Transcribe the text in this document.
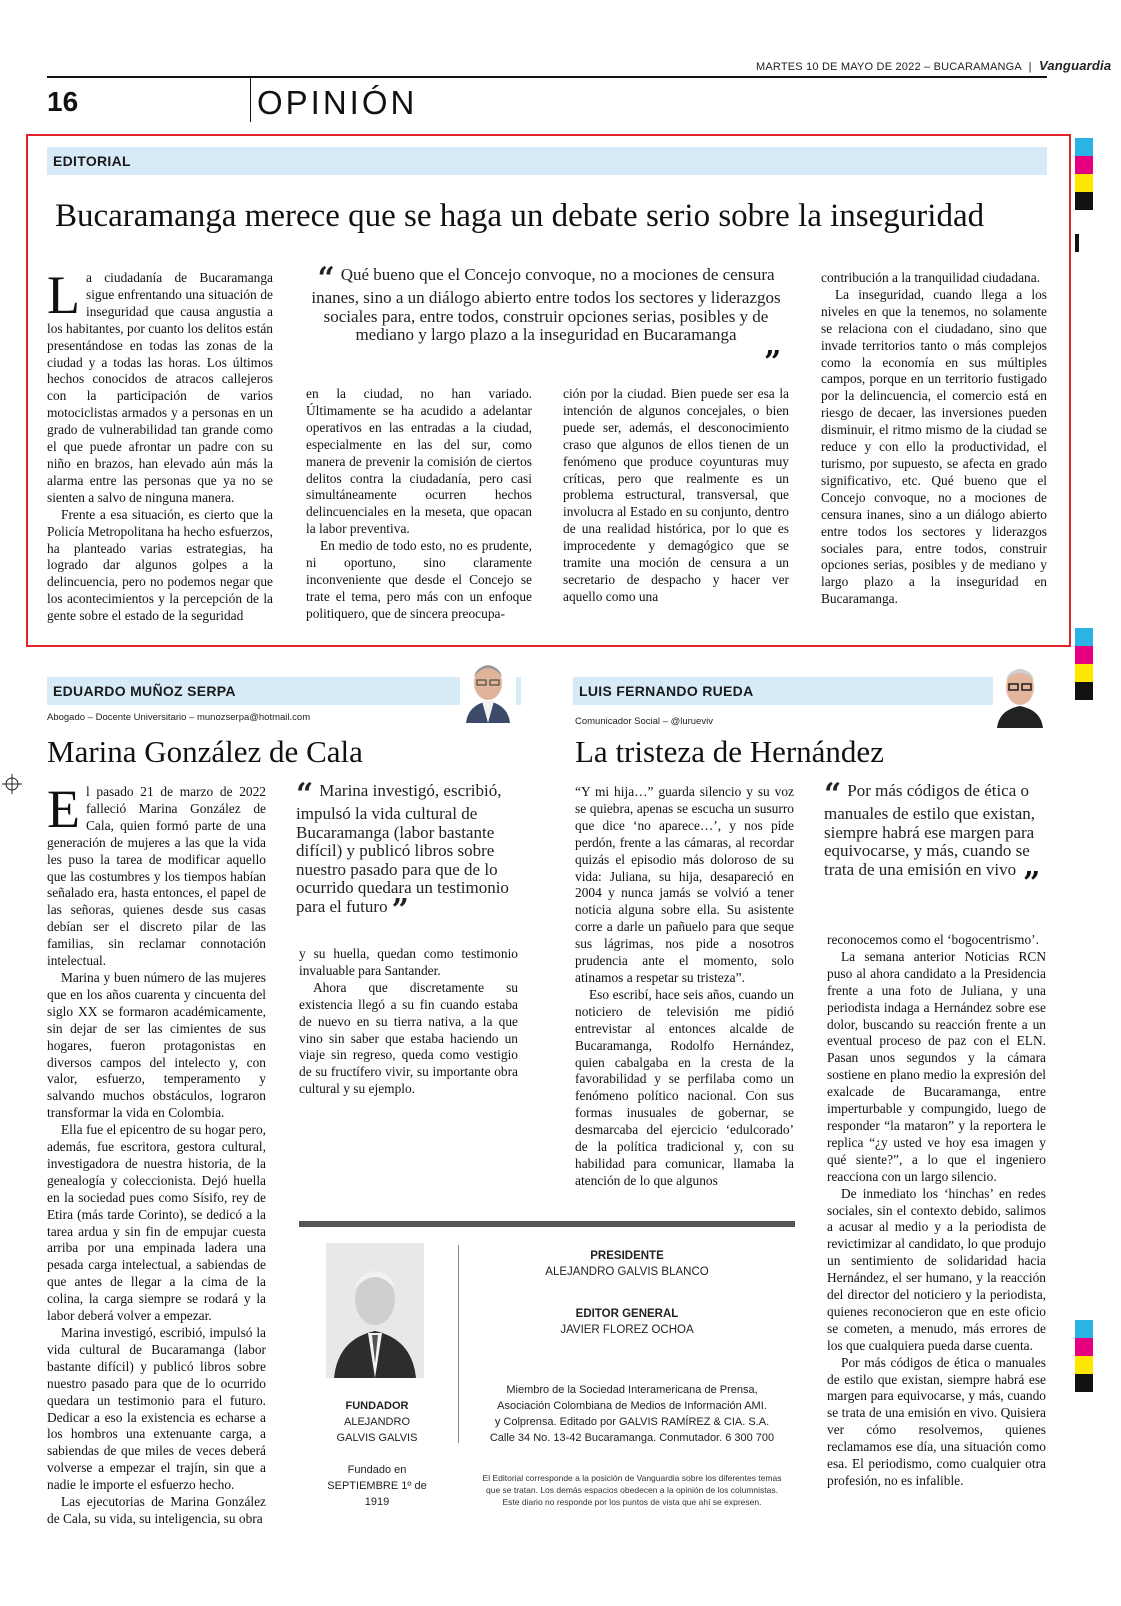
MARTES 10 DE MAYO DE 2022 – BUCARAMANGA | Vanguardia
16	OPINIÓN
EDITORIAL
Bucaramanga merece que se haga un debate serio sobre la inseguridad

La ciudadanía de Bucaramanga sigue enfrentando una situación de inseguridad que causa angustia a los habitantes, por cuanto los delitos están presentándose en todas las zonas de la ciudad y a todas las horas. Los últimos hechos conocidos de atracos callejeros con la participación de varios motociclistas armados y a personas en un grado de vulnerabilidad tan grande como el que puede afrontar un padre con su niño en brazos, han elevado aún más la alarma entre las personas que ya no se sienten a salvo de ninguna manera.

Frente a esa situación, es cierto que la Policía Metropolitana ha hecho esfuerzos, ha planteado varias estrategias, ha logrado dar algunos golpes a la delincuencia, pero no podemos negar que los acontecimientos y la percepción de la gente sobre el estado de la seguridad

“ Qué bueno que el Concejo convoque, no a mociones de censura inanes, sino a un diálogo abierto entre todos los sectores y liderazgos sociales para, entre todos, construir opciones serias, posibles y de mediano y largo plazo a la inseguridad en Bucaramanga
”

en la ciudad, no han variado. Últimamente se ha acudido a adelantar operativos en las entradas a la ciudad, especialmente en las del sur, como manera de prevenir la comisión de ciertos delitos contra la ciudadanía, pero casi simultáneamente ocurren hechos delincuenciales en la meseta, que opacan la labor preventiva.

En medio de todo esto, no es prudente, ni oportuno, sino claramente inconveniente que desde el Concejo se trate el tema, pero más con un enfoque politiquero, que de sincera preocupa-

ción por la ciudad. Bien puede ser esa la intención de algunos concejales, o bien puede ser, además, el desconocimiento craso que algunos de ellos tienen de un fenómeno que produce coyunturas muy críticas, pero que realmente es un problema estructural, transversal, que involucra al Estado en su conjunto, dentro de una realidad histórica, por lo que es improcedente y demagógico que se tramite una moción de censura a un secretario de despacho y hacer ver aquello como una

contribución a la tranquilidad ciudadana.

La inseguridad, cuando llega a los niveles en que la tenemos, no solamente se relaciona con el ciudadano, sino que invade territorios tanto o más complejos como la economía en sus múltiples campos, porque en un territorio fustigado por la delincuencia, el comercio está en riesgo de decaer, las inversiones pueden disminuir, el ritmo mismo de la ciudad se reduce y con ello la productividad, el turismo, por supuesto, se afecta en grado significativo, etc. Qué bueno que el Concejo convoque, no a mociones de censura inanes, sino a un diálogo abierto entre todos los sectores y liderazgos sociales para, entre todos, construir opciones serias, posibles y de mediano y largo plazo a la inseguridad en Bucaramanga.

EDUARDO MUÑOZ SERPA
Abogado – Docente Universitario – munozserpa@hotmail.com
Marina González de Cala

El pasado 21 de marzo de 2022 falleció Marina González de Cala, quien formó parte de una generación de mujeres a las que la vida les puso la tarea de modificar aquello que las costumbres y los tiempos habían señalado era, hasta entonces, el papel de las señoras, quienes desde sus casas debían ser el discreto pilar de las familias, sin reclamar connotación intelectual.

Marina y buen número de las mujeres que en los años cuarenta y cincuenta del siglo XX se formaron académicamente, sin dejar de ser las cimientes de sus hogares, fueron protagonistas en diversos campos del intelecto y, con valor, esfuerzo, temperamento y salvando muchos obstáculos, lograron transformar la vida en Colombia.

Ella fue el epicentro de su hogar pero, además, fue escritora, gestora cultural, investigadora de nuestra historia, de la genealogía y coleccionista. Dejó huella en la sociedad pues como Sísifo, rey de Etira (más tarde Corinto), se dedicó a la tarea ardua y sin fin de empujar cuesta arriba por una empinada ladera una pesada carga intelectual, a sabiendas de que antes de llegar a la cima de la colina, la carga siempre se rodará y la labor deberá volver a empezar.

Marina investigó, escribió, impulsó la vida cultural de Bucaramanga (labor bastante difícil) y publicó libros sobre nuestro pasado para que de lo ocurrido quedara un testimonio para el futuro. Dedicar a eso la existencia es echarse a los hombros una extenuante carga, a sabiendas de que miles de veces deberá volverse a empezar el trajín, sin que a nadie le importe el esfuerzo hecho.

Las ejecutorias de Marina González de Cala, su vida, su inteligencia, su obra

“ Marina investigó, escribió, impulsó la vida cultural de Bucaramanga (labor bastante difícil) y publicó libros sobre nuestro pasado para que de lo ocurrido quedara un testimonio para el futuro ”

y su huella, quedan como testimonio invaluable para Santander.

Ahora que discretamente su existencia llegó a su fin cuando estaba de nuevo en su tierra nativa, a la que vino sin saber que estaba haciendo un viaje sin regreso, queda como vestigio de su fructífero vivir, su importante obra cultural y su ejemplo.

LUIS FERNANDO RUEDA
Comunicador Social – @lurueviv
La tristeza de Hernández

“Y mi hija…” guarda silencio y su voz se quiebra, apenas se escucha un susurro que dice ‘no aparece…’, y nos pide perdón, frente a las cámaras, al recordar quizás el episodio más doloroso de su vida: Juliana, su hija, desapareció en 2004 y nunca jamás se volvió a tener noticia alguna sobre ella. Su asistente corre a darle un pañuelo para que seque sus lágrimas, nos pide a nosotros prudencia ante el momento, solo atinamos a respetar su tristeza”.

Eso escribí, hace seis años, cuando un noticiero de televisión me pidió entrevistar al entonces alcalde de Bucaramanga, Rodolfo Hernández, quien cabalgaba en la cresta de la favorabilidad y se perfilaba como un fenómeno político nacional. Con sus formas inusuales de gobernar, se desmarcaba del ejercicio ‘edulcorado’ de la política tradicional y, con su habilidad para comunicar, llamaba la atención de lo que algunos

“ Por más códigos de ética o manuales de estilo que existan, siempre habrá ese margen para equivocarse, y más, cuando se trata de una emisión en vivo ”

reconocemos como el ‘bogocentrismo’.

La semana anterior Noticias RCN puso al ahora candidato a la Presidencia frente a una foto de Juliana, y una periodista indaga a Hernández sobre ese dolor, buscando su reacción frente a un eventual proceso de paz con el ELN. Pasan unos segundos y la cámara sostiene en plano medio la expresión del exalcade de Bucaramanga, entre imperturbable y compungido, luego de responder “la mataron” y la reportera le replica “¿y usted ve hoy esa imagen y qué siente?”, a lo que el ingeniero reacciona con un largo silencio.

De inmediato los ‘hinchas’ en redes sociales, sin el contexto debido, salimos a acusar al medio y a la periodista de revictimizar al candidato, lo que produjo un sentimiento de solidaridad hacia Hernández, el ser humano, y la reacción del director del noticiero y la periodista, quienes reconocieron que en este oficio se cometen, a menudo, más errores de los que cualquiera pueda darse cuenta.

Por más códigos de ética o manuales de estilo que existan, siempre habrá ese margen para equivocarse, y más, cuando se trata de una emisión en vivo. Quisiera ver cómo resolvemos, quienes reclamamos ese día, una situación como esa. El periodismo, como cualquier otra profesión, no es infalible.

FUNDADOR
ALEJANDRO
GALVIS GALVIS
Fundado en
SEPTIEMBRE 1º de 1919
PRESIDENTE
ALEJANDRO GALVIS BLANCO
EDITOR GENERAL
JAVIER FLOREZ OCHOA
Miembro de la Sociedad Interamericana de Prensa,
Asociación Colombiana de Medios de Información AMI.
y Colprensa. Editado por GALVIS RAMÍREZ & CIA. S.A.
Calle 34 No. 13-42 Bucaramanga. Conmutador. 6 300 700
El Editorial corresponde a la posición de Vanguardia sobre los diferentes temas
que se tratan. Los demás espacios obedecen a la opinión de los columnistas.
Este diario no responde por los puntos de vista que ahí se expresen.
